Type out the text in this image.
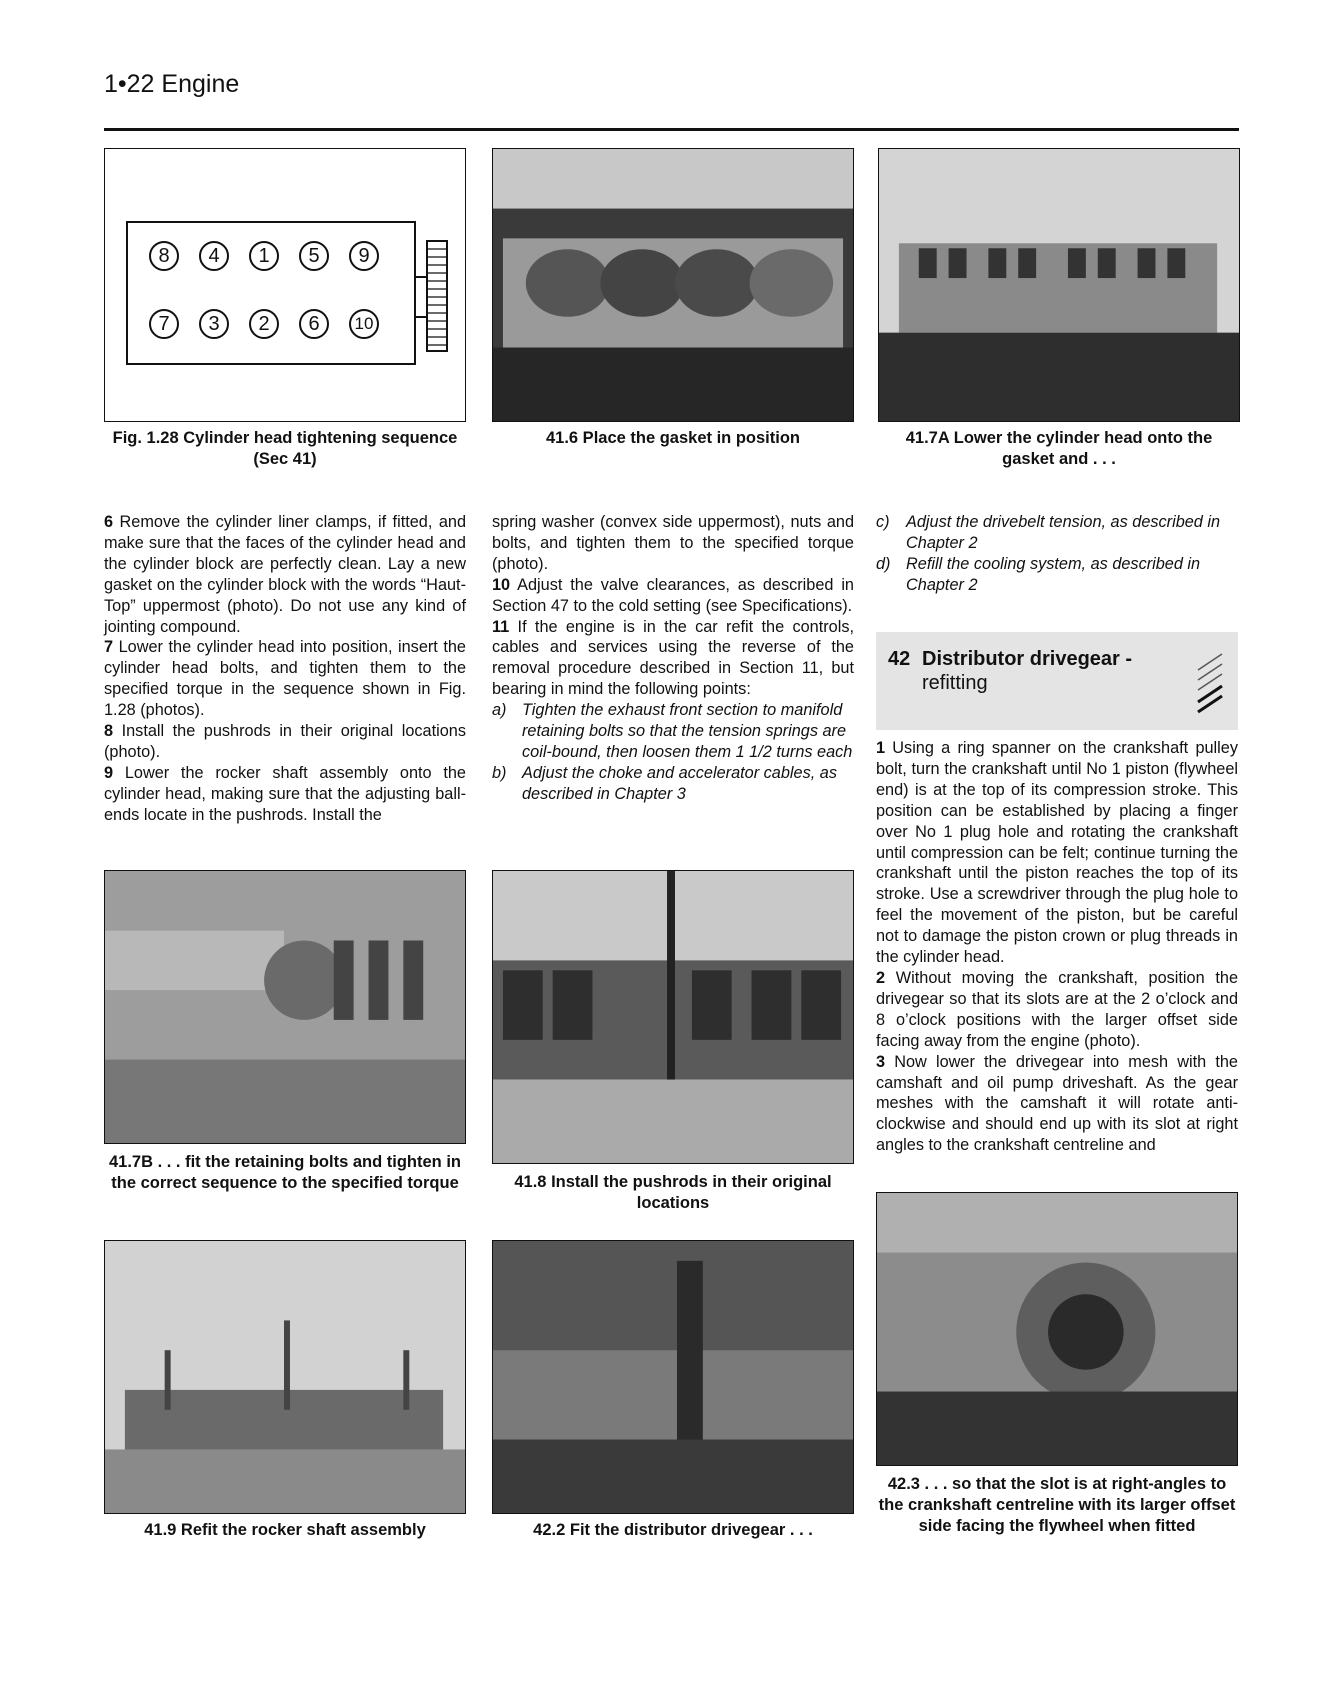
1•22 Engine
8	4	1	5	9
7	3	2	6	10
Fig. 1.28 Cylinder head tightening sequence (Sec 41)
41.6 Place the gasket in position	41.7A Lower the cylinder head onto the gasket and . . .

6 Remove the cylinder liner clamps, if fitted, and make sure that the faces of the cylinder head and the cylinder block are perfectly clean. Lay a new gasket on the cylinder block with the words “Haut-Top” uppermost (photo). Do not use any kind of jointing compound.

7 Lower the cylinder head into position, insert the cylinder head bolts, and tighten them to the specified torque in the sequence shown in Fig. 1.28 (photos).

8 Install the pushrods in their original locations (photo).

9 Lower the rocker shaft assembly onto the cylinder head, making sure that the adjusting ball-ends locate in the pushrods. Install the

spring washer (convex side uppermost), nuts and bolts, and tighten them to the specified torque (photo).

10 Adjust the valve clearances, as described in Section 47 to the cold setting (see Specifications).

11 If the engine is in the car refit the controls, cables and services using the reverse of the removal procedure described in Section 11, but bearing in mind the following points:

a) Tighten the exhaust front section to manifold retaining bolts so that the tension springs are coil-bound, then loosen them 1 1/2 turns each
b) Adjust the choke and accelerator cables, as described in Chapter 3
c)	Adjust the drivebelt tension, as described in Chapter 2
d) Refill the cooling system, as described in Chapter 2
42 Distributor drivegear -
refitting

1 Using a ring spanner on the crankshaft pulley bolt, turn the crankshaft until No 1 piston (flywheel end) is at the top of its compression stroke. This position can be established by placing a finger over No 1 plug hole and rotating the crankshaft until compression can be felt; continue turning the crankshaft until the piston reaches the top of its stroke. Use a screwdriver through the plug hole to feel the movement of the piston, but be careful not to damage the piston crown or plug threads in the cylinder head.

2 Without moving the crankshaft, position the drivegear so that its slots are at the 2 o’clock and 8 o’clock positions with the larger offset side facing away from the engine (photo).

3 Now lower the drivegear into mesh with the camshaft and oil pump driveshaft. As the gear meshes with the camshaft it will rotate anti-clockwise and should end up with its slot at right angles to the crankshaft centreline and

41.7B . . . fit the retaining bolts and tighten in the correct sequence to the specified torque	41.8 Install the pushrods in their original locations
42.3 . . . so that the slot is at right-angles to the crankshaft centreline with its larger offset side facing the flywheel when fitted
41.9 Refit the rocker shaft assembly	42.2 Fit the distributor drivegear . . .
